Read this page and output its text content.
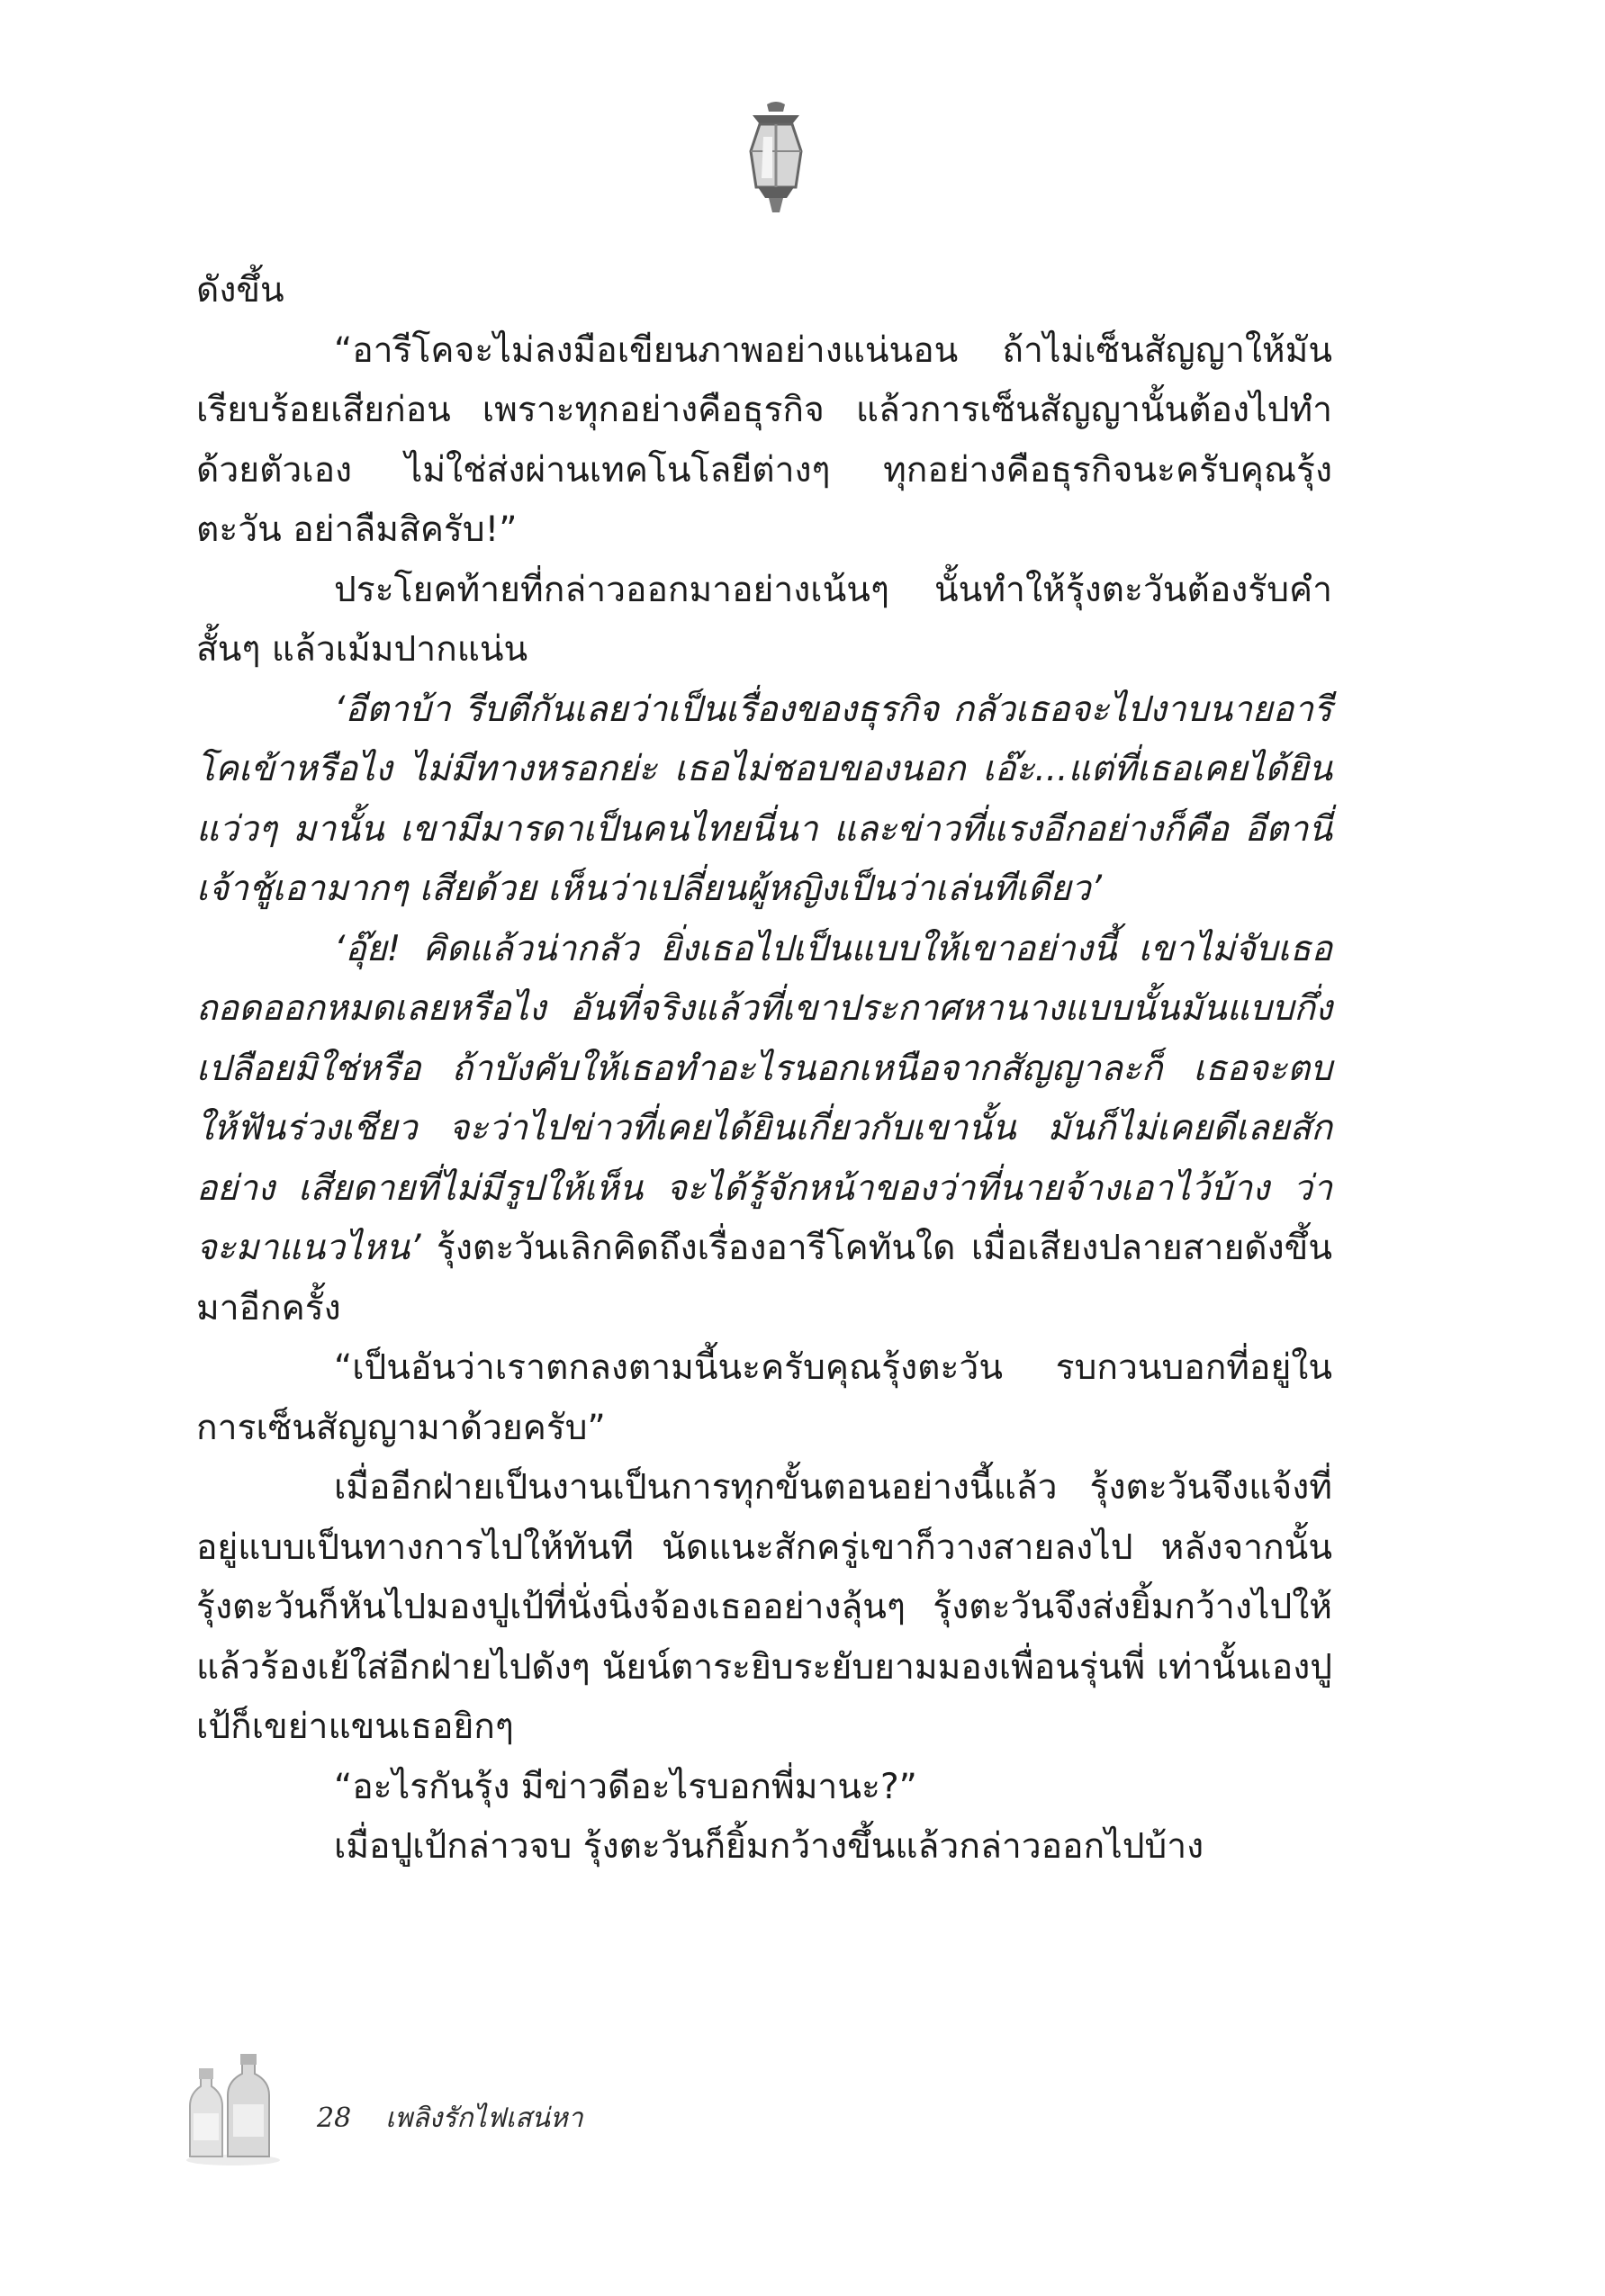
ดังขึ้น

“อารีโคจะไม่ลงมือเขียนภาพอย่างแน่นอน ถ้าไม่เซ็นสัญญาให้มันเรียบร้อยเสียก่อน เพราะทุกอย่างคือธุรกิจ แล้วการเซ็นสัญญานั้นต้องไปทำด้วยตัวเอง ไม่ใช่ส่งผ่านเทคโนโลยีต่างๆ ทุกอย่างคือธุรกิจนะครับคุณรุ้งตะวัน อย่าลืมสิครับ!”

ประโยคท้ายที่กล่าวออกมาอย่างเน้นๆ นั้นทำให้รุ้งตะวันต้องรับคำสั้นๆ แล้วเม้มปากแน่น

‘อีตาบ้า รีบตีกันเลยว่าเป็นเรื่องของธุรกิจ กลัวเธอจะไปงาบนายอารีโคเข้าหรือไง ไม่มีทางหรอกย่ะ เธอไม่ชอบของนอก เอ๊ะ...แต่ที่เธอเคยได้ยินแว่วๆ มานั้น เขามีมารดาเป็นคนไทยนี่นา และข่าวที่แรงอีกอย่างก็คือ อีตานี่เจ้าชู้เอามากๆ เสียด้วย เห็นว่าเปลี่ยนผู้หญิงเป็นว่าเล่นทีเดียว’

‘อุ๊ย! คิดแล้วน่ากลัว ยิ่งเธอไปเป็นแบบให้เขาอย่างนี้ เขาไม่จับเธอถอดออกหมดเลยหรือไง อันที่จริงแล้วที่เขาประกาศหานางแบบนั้นมันแบบกึ่งเปลือยมิใช่หรือ ถ้าบังคับให้เธอทำอะไรนอกเหนือจากสัญญาละก็ เธอจะตบให้ฟันร่วงเชียว จะว่าไปข่าวที่เคยได้ยินเกี่ยวกับเขานั้น มันก็ไม่เคยดีเลยสักอย่าง เสียดายที่ไม่มีรูปให้เห็น จะได้รู้จักหน้าของว่าที่นายจ้างเอาไว้บ้าง ว่าจะมาแนวไหน’ รุ้งตะวันเลิกคิดถึงเรื่องอารีโคทันใด เมื่อเสียงปลายสายดังขึ้นมาอีกครั้ง

“เป็นอันว่าเราตกลงตามนี้นะครับคุณรุ้งตะวัน รบกวนบอกที่อยู่ในการเซ็นสัญญามาด้วยครับ”

เมื่ออีกฝ่ายเป็นงานเป็นการทุกขั้นตอนอย่างนี้แล้ว รุ้งตะวันจึงแจ้งที่อยู่แบบเป็นทางการไปให้ทันที นัดแนะสักครู่เขาก็วางสายลงไป หลังจากนั้นรุ้งตะวันก็หันไปมองปูเป้ที่นั่งนิ่งจ้องเธออย่างลุ้นๆ รุ้งตะวันจึงส่งยิ้มกว้างไปให้ แล้วร้องเย้ใส่อีกฝ่ายไปดังๆ นัยน์ตาระยิบระยับยามมองเพื่อนรุ่นพี่ เท่านั้นเองปูเป้ก็เขย่าแขนเธอยิกๆ

“อะไรกันรุ้ง มีข่าวดีอะไรบอกพี่มานะ?”

เมื่อปูเป้กล่าวจบ รุ้งตะวันก็ยิ้มกว้างขึ้นแล้วกล่าวออกไปบ้าง

28 เพลิงรักไฟเสน่หา
